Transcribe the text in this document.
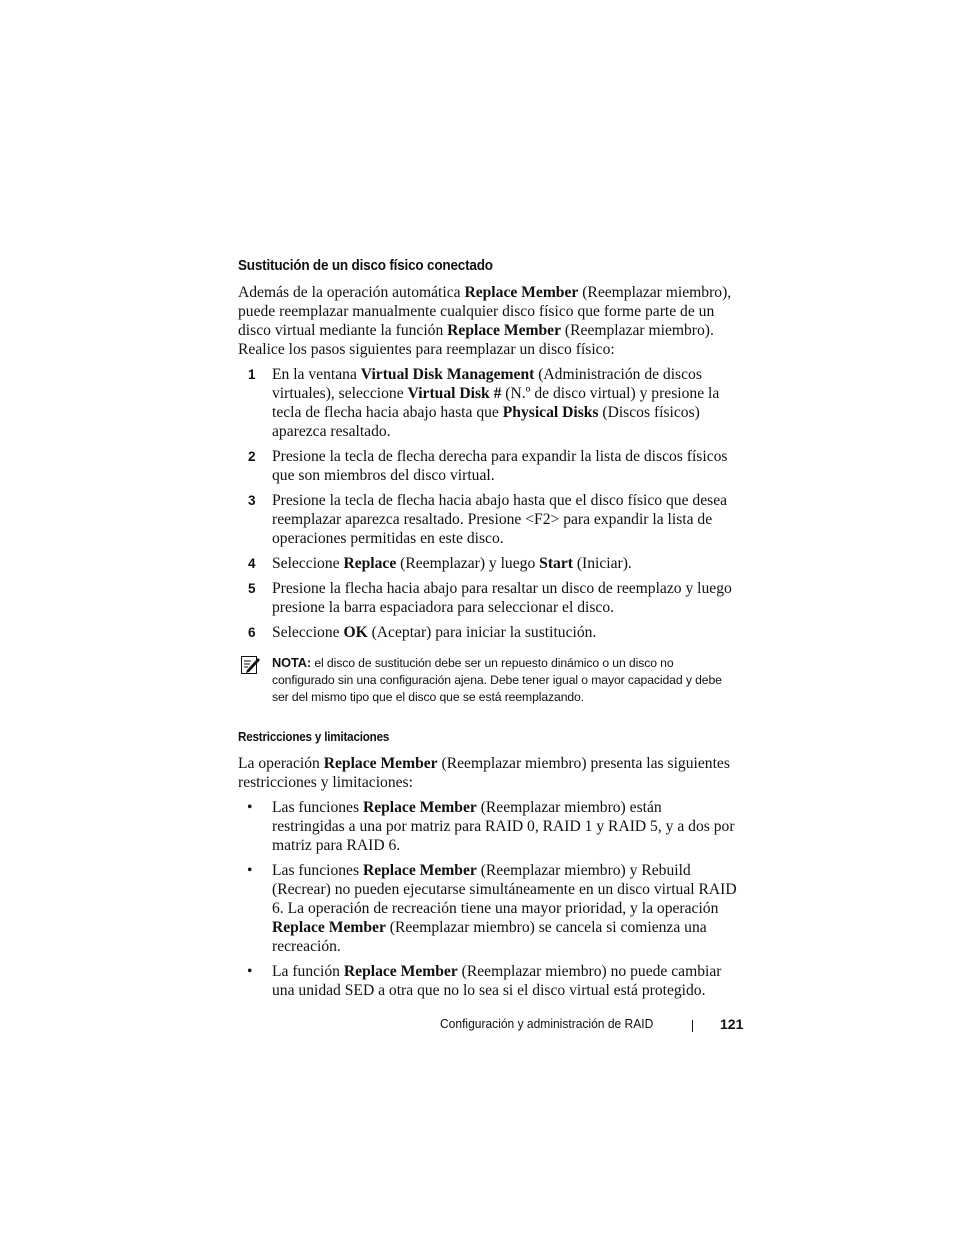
Sustitución de un disco físico conectado

Además de la operación automática Replace Member (Reemplazar miembro), puede reemplazar manualmente cualquier disco físico que forme parte de un disco virtual mediante la función Replace Member (Reemplazar miembro). Realice los pasos siguientes para reemplazar un disco físico:

1 En la ventana Virtual Disk Management (Administración de discos virtuales), seleccione Virtual Disk # (N.º de disco virtual) y presione la tecla de flecha hacia abajo hasta que Physical Disks (Discos físicos) aparezca resaltado.
2 Presione la tecla de flecha derecha para expandir la lista de discos físicos que son miembros del disco virtual.
3 Presione la tecla de flecha hacia abajo hasta que el disco físico que desea reemplazar aparezca resaltado. Presione <F2> para expandir la lista de operaciones permitidas en este disco.
4 Seleccione Replace (Reemplazar) y luego Start (Iniciar).
5 Presione la flecha hacia abajo para resaltar un disco de reemplazo y luego presione la barra espaciadora para seleccionar el disco.
6 Seleccione OK (Aceptar) para iniciar la sustitución.
NOTA: el disco de sustitución debe ser un repuesto dinámico o un disco no configurado sin una configuración ajena. Debe tener igual o mayor capacidad y debe ser del mismo tipo que el disco que se está reemplazando.
Restricciones y limitaciones

La operación Replace Member (Reemplazar miembro) presenta las siguientes restricciones y limitaciones:

• Las funciones Replace Member (Reemplazar miembro) están restringidas a una por matriz para RAID 0, RAID 1 y RAID 5, y a dos por matriz para RAID 6.
• Las funciones Replace Member (Reemplazar miembro) y Rebuild (Recrear) no pueden ejecutarse simultáneamente en un disco virtual RAID 6. La operación de recreación tiene una mayor prioridad, y la operación Replace Member (Reemplazar miembro) se cancela si comienza una recreación.
• La función Replace Member (Reemplazar miembro) no puede cambiar una unidad SED a otra que no lo sea si el disco virtual está protegido.
Configuración y administración de RAID	121
